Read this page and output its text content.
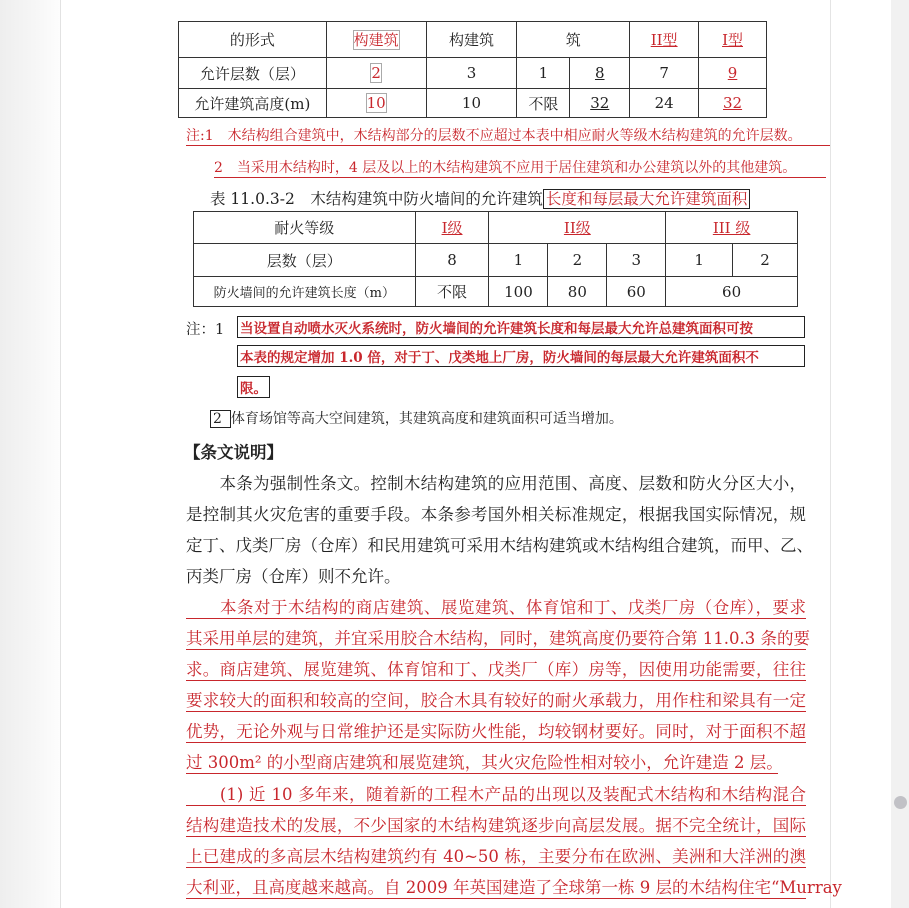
的形式	构建筑	构建筑	筑		II型	I型
允许层数（层）	2	3	1	8	7	9
允许建筑高度(m)	10	10	不限	32	24	32
注:1　木结构组合建筑中，木结构部分的层数不应超过本表中相应耐火等级木结构建筑的允许层数。
2　当采用木结构时，4 层及以上的木结构建筑不应用于居住建筑和办公建筑以外的其他建筑。
表 11.0.3-2　木结构建筑中防火墙间的允许建筑 长度和每层最大允许建筑面积
耐火等级	I级	II级			III 级	
层数（层）	8	1	2	3	1	2
防火墙间的允许建筑长度（m）	不限	100	80	60	60	
注：1 当设置自动喷水灭火系统时，防火墙间的允许建筑长度和每层最大允许总建筑面积可按
本表的规定增加 1.0 倍，对于丁、戊类地上厂房，防火墙间的每层最大允许建筑面积不
限。
2 体育场馆等高大空间建筑，其建筑高度和建筑面积可适当增加。
【条文说明】
　　本条为强制性条文。控制木结构建筑的应用范围、高度、层数和防火分区大小，
是控制其火灾危害的重要手段。本条参考国外相关标准规定，根据我国实际情况，规
定丁、戊类厂房（仓库）和民用建筑可采用木结构建筑或木结构组合建筑，而甲、乙、
丙类厂房（仓库）则不允许。
　　本条对于木结构的商店建筑、展览建筑、体育馆和丁、戊类厂房（仓库），要求
其采用单层的建筑，并宜采用胶合木结构，同时，建筑高度仍要符合第 11.0.3 条的要
求。商店建筑、展览建筑、体育馆和丁、戊类厂（库）房等，因使用功能需要，往往
要求较大的面积和较高的空间，胶合木具有较好的耐火承载力，用作柱和梁具有一定
优势，无论外观与日常维护还是实际防火性能，均较钢材要好。同时，对于面积不超
过 300m² 的小型商店建筑和展览建筑，其火灾危险性相对较小，允许建造 2 层。
　　(1) 近 10 多年来，随着新的工程木产品的出现以及装配式木结构和木结构混合
结构建造技术的发展，不少国家的木结构建筑逐步向高层发展。据不完全统计，国际
上已建成的多高层木结构建筑约有 40~50 栋，主要分布在欧洲、美洲和大洋洲的澳
大利亚，且高度越来越高。自 2009 年英国建造了全球第一栋 9 层的木结构住宅“Murray
